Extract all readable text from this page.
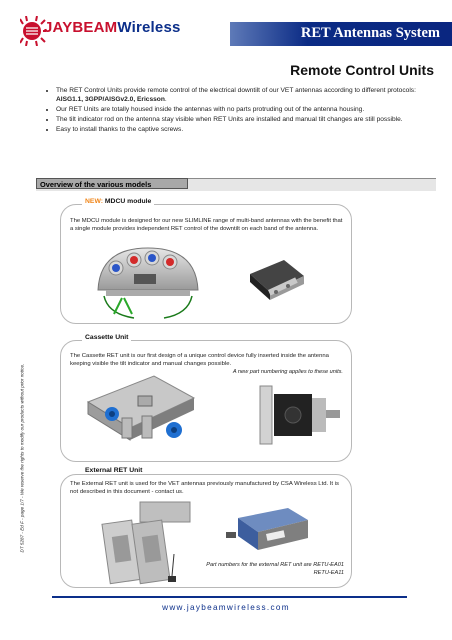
JAYBEAMWireless	RET Antennas System
Remote Control Units
• The RET Control Units provide remote control of the electrical downtilt of our VET antennas according to different protocols: AISG1.1, 3GPP/AISGv2.0, Ericsson.
• Our RET Units are totally housed inside the antennas with no parts protruding out of the antenna housing.
• The tilt indicator rod on the antenna stay visible when RET Units are installed and manual tilt changes are still possible.
• Easy to install thanks to the captive screws.
Overview of the various models
NEW: MDCU module
The MDCU module is designed for our new SLIMLINE range of multi-band antennas with the benefit that a single module provides independent RET control of the downtilt on each band of the antenna.
Cassette Unit
The Cassette RET unit is our first design of a unique control device fully inserted inside the antenna keeping visible the tilt indicator and manual changes possible.
A new part numbering applies to these units.
External RET Unit
The External RET unit is used for the VET antennas previously manufactured by CSA Wireless Ltd. It is not described in this document - contact us.
Part numbers for the external RET unit are RETU-EA01
RETU-EA11
DT 5287 - Ed F - page 1/7 - We reserve the rights to modify our products without prior notice.
www.jaybeamwireless.com
